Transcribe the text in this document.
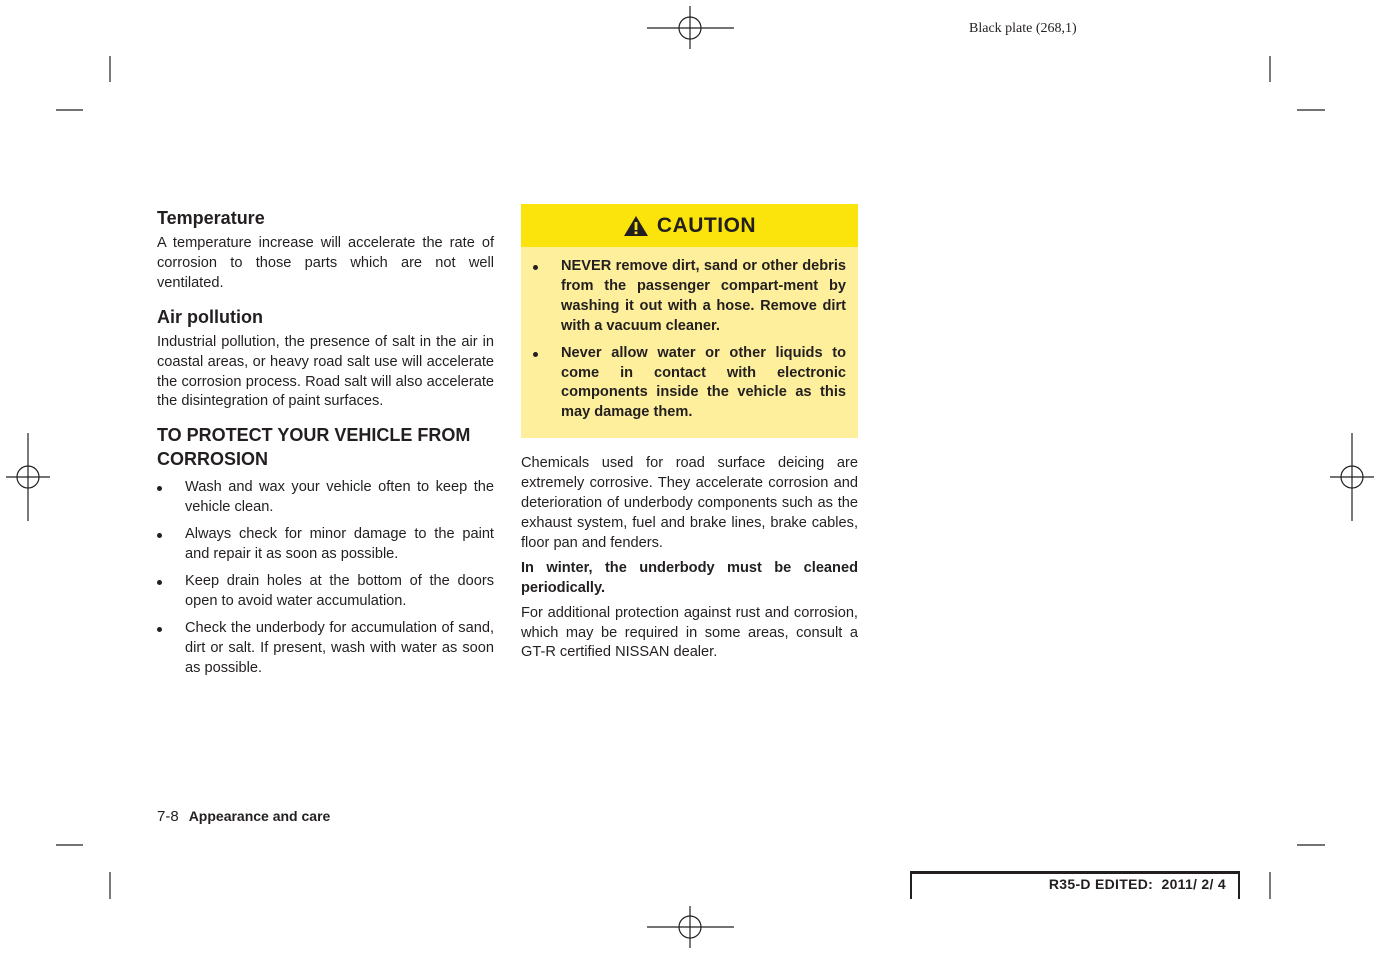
Black plate (268,1)
Temperature

A temperature increase will accelerate the rate of corrosion to those parts which are not well ventilated.

Air pollution

Industrial pollution, the presence of salt in the air in coastal areas, or heavy road salt use will accelerate the corrosion process. Road salt will also accelerate the disintegration of paint surfaces.

TO PROTECT YOUR VEHICLE FROM CORROSION
Wash and wax your vehicle often to keep the vehicle clean.
Always check for minor damage to the paint and repair it as soon as possible.
Keep drain holes at the bottom of the doors open to avoid water accumulation.
Check the underbody for accumulation of sand, dirt or salt. If present, wash with water as soon as possible.
CAUTION
NEVER remove dirt, sand or other debris from the passenger compart-ment by washing it out with a hose. Remove dirt with a vacuum cleaner.
Never allow water or other liquids to come in contact with electronic components inside the vehicle as this may damage them.

Chemicals used for road surface deicing are extremely corrosive. They accelerate corrosion and deterioration of underbody components such as the exhaust system, fuel and brake lines, brake cables, floor pan and fenders.

In winter, the underbody must be cleaned periodically.

For additional protection against rust and corrosion, which may be required in some areas, consult a GT-R certified NISSAN dealer.

7-8 Appearance and care
R35-D EDITED:  2011/ 2/ 4
